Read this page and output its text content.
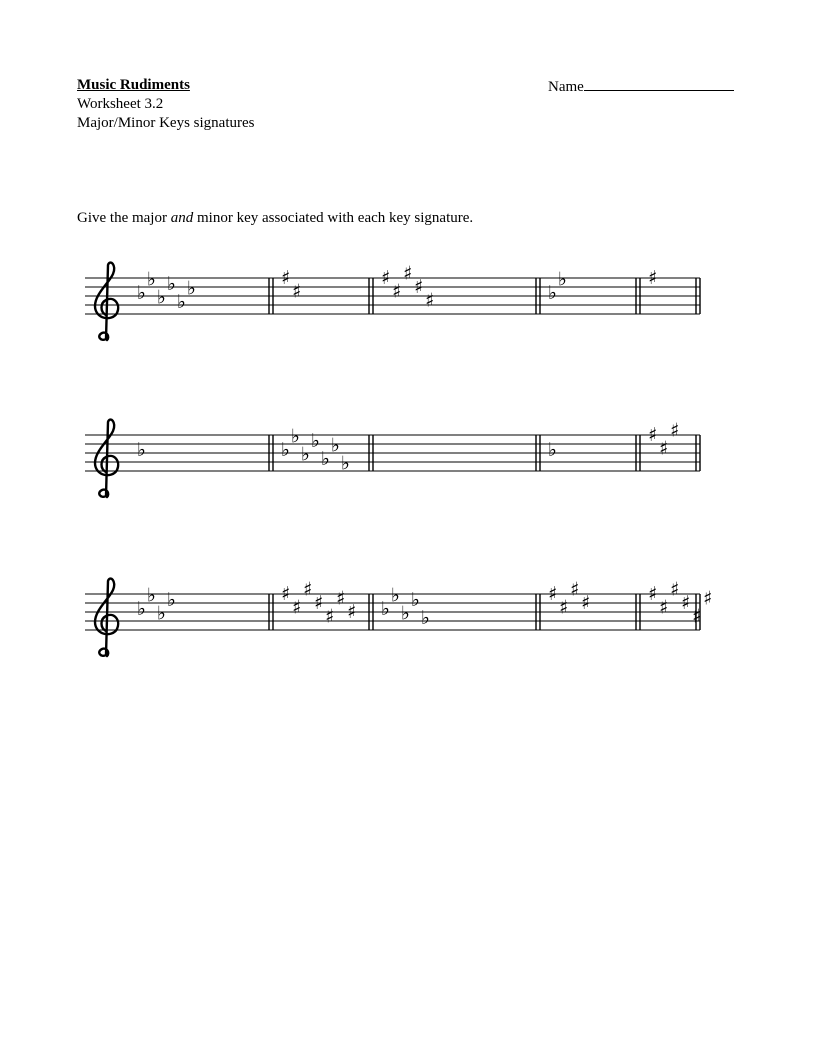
Music Rudiments
Worksheet 3.2
Major/Minor Keys signatures
Name
Give the major and minor key associated with each key signature.
♭
♭
♭
♭
♭
♭	♯
♯
♯
♯
♯
♯
♯	♭
♭	♯
♭	♭
♭
♭
♭
♭
♭
♭
♭
♯
♯
♯
♭
♭
♭
♭	♯
♯
♯
♯
♯
♯
♯ ♭
♭
♭
♭
♭
♯
♯
♯
♯	♯
♯
♯
♯
♯
♯
